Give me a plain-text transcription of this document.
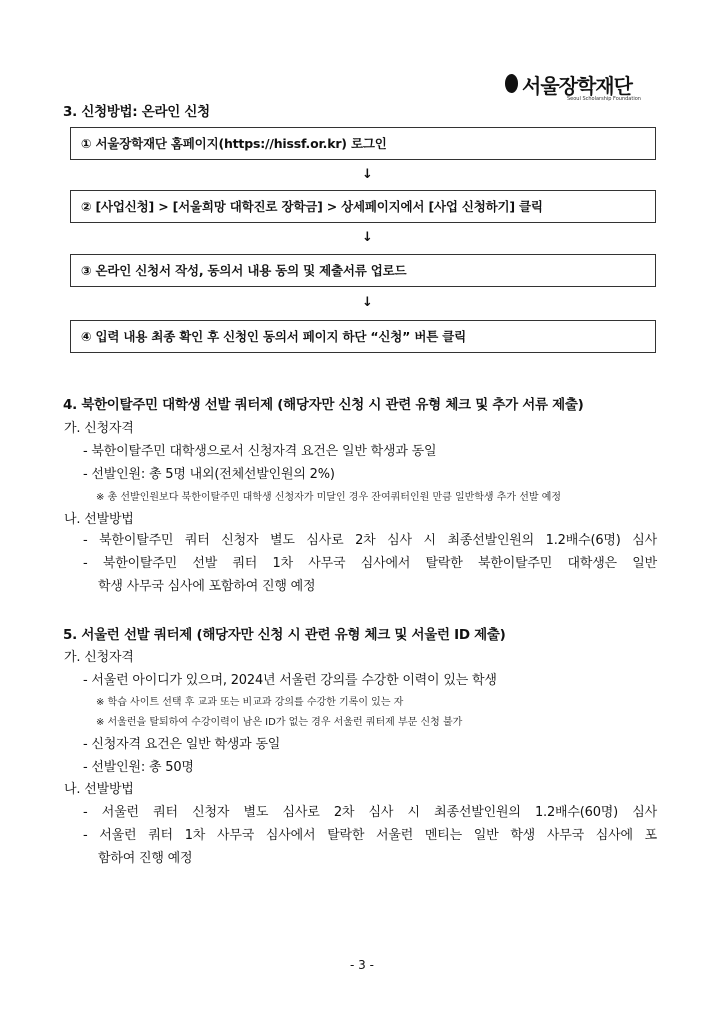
서울장학재단
Seoul Scholarship Foundation
3. 신청방법: 온라인 신청
① 서울장학재단 홈페이지(https://hissf.or.kr) 로그인
↓
② [사업신청] > [서울희망 대학진로 장학금] > 상세페이지에서 [사업 신청하기] 클릭
↓
③ 온라인 신청서 작성, 동의서 내용 동의 및 제출서류 업로드
↓
④ 입력 내용 최종 확인 후 신청인 동의서 페이지 하단 “신청” 버튼 클릭
4. 북한이탈주민 대학생 선발 쿼터제 (해당자만 신청 시 관련 유형 체크 및 추가 서류 제출)
가. 신청자격
- 북한이탈주민 대학생으로서 신청자격 요건은 일반 학생과 동일
- 선발인원: 총 5명 내외(전체선발인원의 2%)
※ 총 선발인원보다 북한이탈주민 대학생 신청자가 미달인 경우 잔여쿼터인원 만큼 일반학생 추가 선발 예정
나. 선발방법
- 북한이탈주민 쿼터 신청자 별도 심사로 2차 심사 시 최종선발인원의 1.2배수(6명) 심사
- 북한이탈주민 선발 쿼터 1차 사무국 심사에서 탈락한 북한이탈주민 대학생은 일반
학생 사무국 심사에 포함하여 진행 예정
5. 서울런 선발 쿼터제 (해당자만 신청 시 관련 유형 체크 및 서울런 ID 제출)
가. 신청자격
- 서울런 아이디가 있으며, 2024년 서울런 강의를 수강한 이력이 있는 학생
※ 학습 사이트 선택 후 교과 또는 비교과 강의를 수강한 기록이 있는 자
※ 서울런을 탈퇴하여 수강이력이 남은 ID가 없는 경우 서울런 쿼터제 부문 신청 불가
- 신청자격 요건은 일반 학생과 동일
- 선발인원: 총 50명
나. 선발방법
- 서울런 쿼터 신청자 별도 심사로 2차 심사 시 최종선발인원의 1.2배수(60명) 심사
- 서울런 쿼터 1차 사무국 심사에서 탈락한 서울런 멘티는 일반 학생 사무국 심사에 포
함하여 진행 예정
- 3 -
